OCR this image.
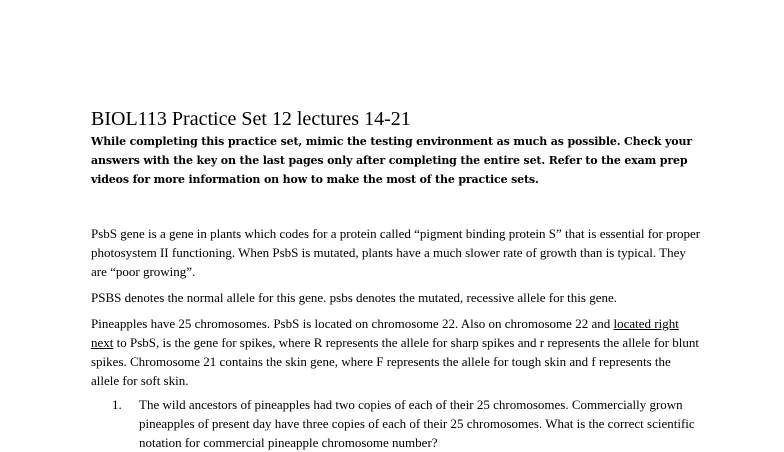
BIOL113 Practice Set 12 lectures 14-21

While completing this practice set, mimic the testing environment as much as possible. Check your answers with the key on the last pages only after completing the entire set. Refer to the exam prep videos for more information on how to make the most of the practice sets.

PsbS gene is a gene in plants which codes for a protein called “pigment binding protein S” that is essential for proper photosystem II functioning. When PsbS is mutated, plants have a much slower rate of growth than is typical. They are “poor growing”.

PSBS denotes the normal allele for this gene. psbs denotes the mutated, recessive allele for this gene.

Pineapples have 25 chromosomes. PsbS is located on chromosome 22. Also on chromosome 22 and located right next to PsbS, is the gene for spikes, where R represents the allele for sharp spikes and r represents the allele for blunt spikes. Chromosome 21 contains the skin gene, where F represents the allele for tough skin and f represents the allele for soft skin.

1. The wild ancestors of pineapples had two copies of each of their 25 chromosomes. Commercially grown pineapples of present day have three copies of each of their 25 chromosomes. What is the correct scientific notation for commercial pineapple chromosome number?
